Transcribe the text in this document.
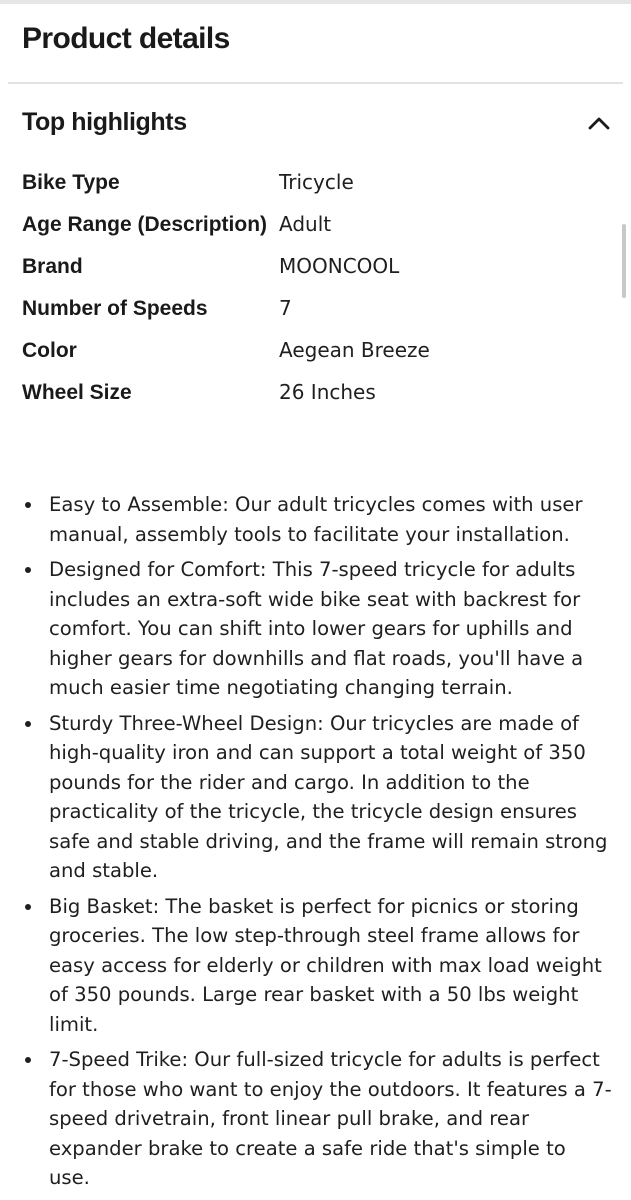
Product details
Top highlights
Bike Type	Tricycle
Age Range (Description) Adult
Brand	MOONCOOL
Number of Speeds	7
Color	Aegean Breeze
Wheel Size	26 Inches
Easy to Assemble: Our adult tricycles comes with user manual, assembly tools to facilitate your installation.
Designed for Comfort: This 7-speed tricycle for adults includes an extra-soft wide bike seat with backrest for comfort. You can shift into lower gears for uphills and higher gears for downhills and flat roads, you'll have a much easier time negotiating changing terrain.
Sturdy Three-Wheel Design: Our tricycles are made of high-quality iron and can support a total weight of 350 pounds for the rider and cargo. In addition to the practicality of the tricycle, the tricycle design ensures safe and stable driving, and the frame will remain strong and stable.
Big Basket: The basket is perfect for picnics or storing groceries. The low step-through steel frame allows for easy access for elderly or children with max load weight of 350 pounds. Large rear basket with a 50 lbs weight limit.
7-Speed Trike: Our full-sized tricycle for adults is perfect for those who want to enjoy the outdoors. It features a 7-speed drivetrain, front linear pull brake, and rear expander brake to create a safe ride that's simple to use.
